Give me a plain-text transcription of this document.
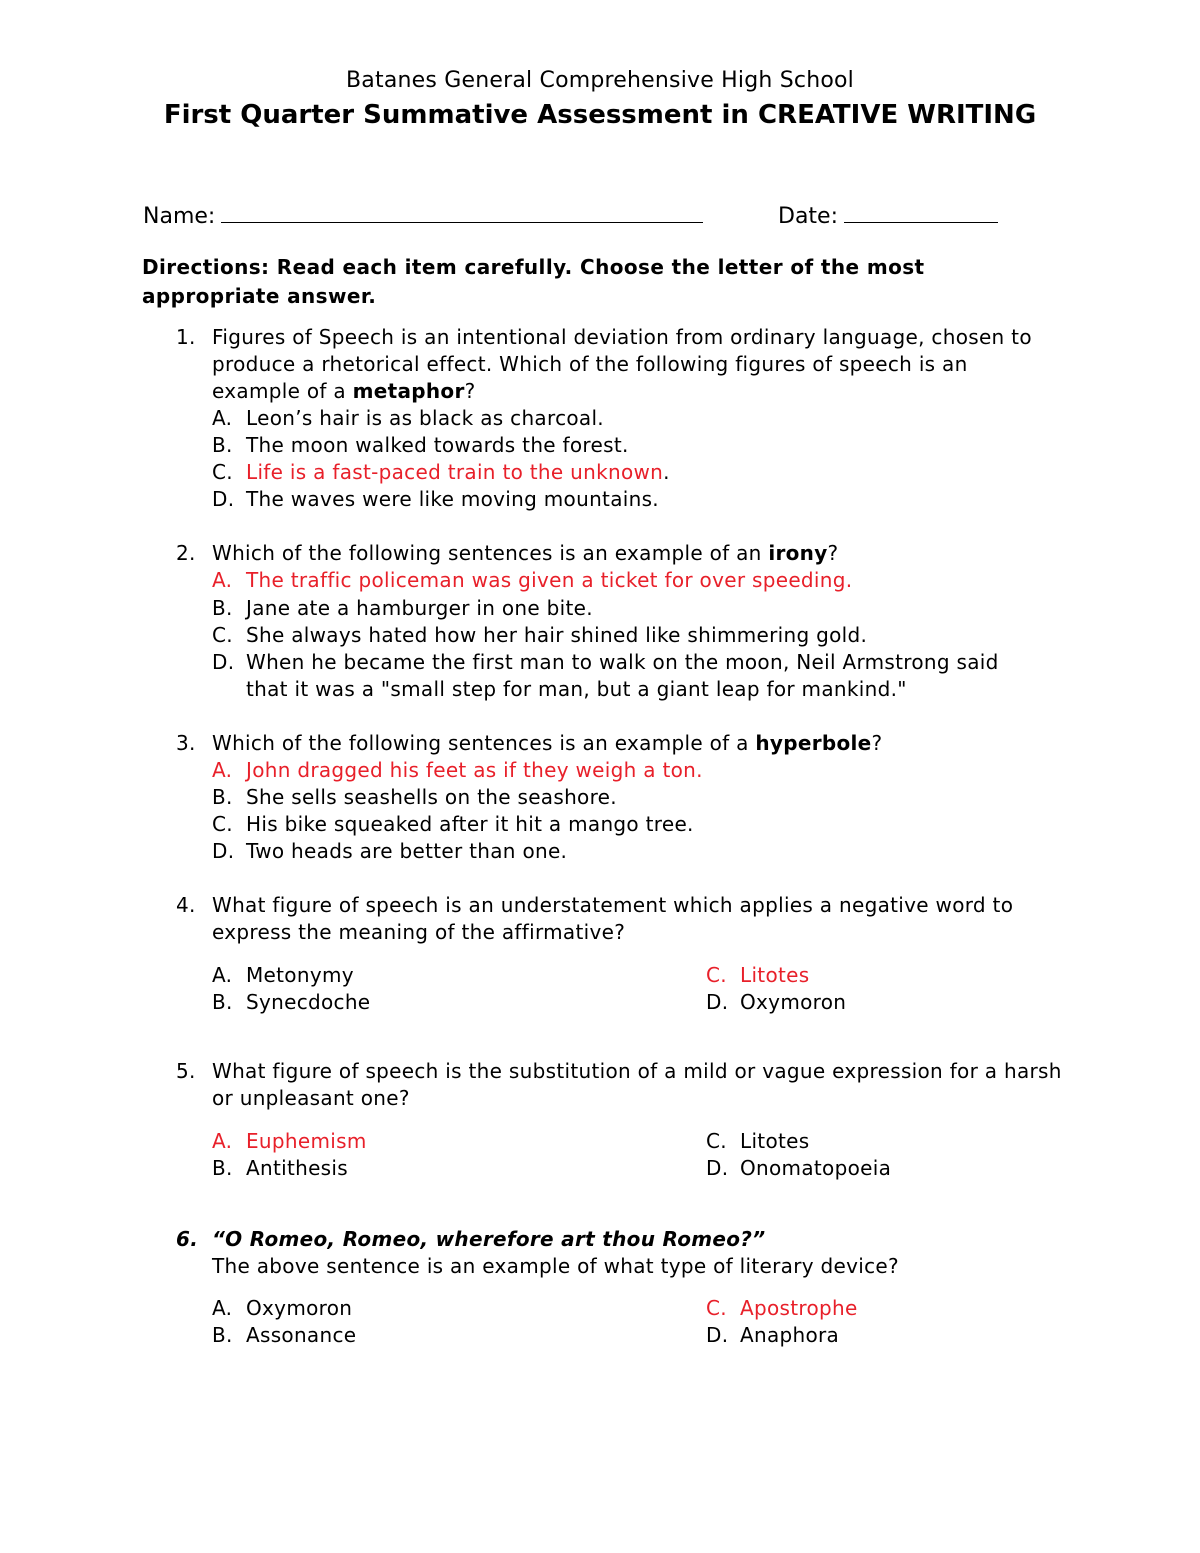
Batanes General Comprehensive High School
First Quarter Summative Assessment in CREATIVE WRITING
Name:	Date:
Directions: Read each item carefully. Choose the letter of the most appropriate answer.
1. Figures of Speech is an intentional deviation from ordinary language, chosen to produce a rhetorical effect. Which of the following figures of speech is an example of a metaphor?
A. Leon’s hair is as black as charcoal.
B. The moon walked towards the forest.
C. Life is a fast-paced train to the unknown.
D. The waves were like moving mountains.
2. Which of the following sentences is an example of an irony?
A. The traffic policeman was given a ticket for over speeding.
B. Jane ate a hamburger in one bite.
C. She always hated how her hair shined like shimmering gold.
D. When he became the first man to walk on the moon, Neil Armstrong said that it was a "small step for man, but a giant leap for mankind."
3. Which of the following sentences is an example of a hyperbole?
A. John dragged his feet as if they weigh a ton.
B. She sells seashells on the seashore.
C. His bike squeaked after it hit a mango tree.
D. Two heads are better than one.
4. What figure of speech is an understatement which applies a negative word to express the meaning of the affirmative?
A. Metonymy
B. Synecdoche
C. Litotes
D. Oxymoron
5. What figure of speech is the substitution of a mild or vague expression for a harsh or unpleasant one?
A. Euphemism
B. Antithesis
C. Litotes
D. Onomatopoeia
6. “O Romeo, Romeo, wherefore art thou Romeo?”
The above sentence is an example of what type of literary device?
A. Oxymoron
B. Assonance
C. Apostrophe
D. Anaphora
